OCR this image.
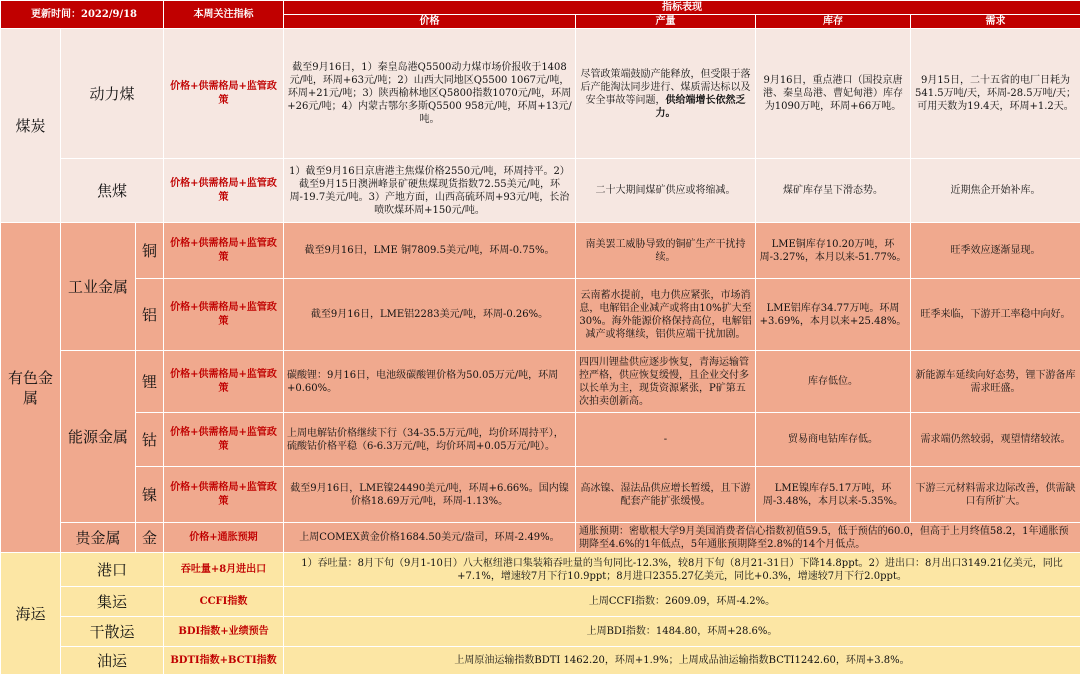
更新时间：2022/9/18			本周关注指标	指标表现			
				价格	产量	库存	需求
煤炭	动力煤		价格+供需格局+监管政策	截至9月16日，1）秦皇岛港Q5500动力煤市场价报收于1408元/吨，环周+63元/吨；2）山西大同地区Q5500 1067元/吨，环周+21元/吨；3）陕西榆林地区Q5800指数1070元/吨，环周+26元/吨；4）内蒙古鄂尔多斯Q5500 958元/吨，环周+13元/吨。	尽管政策端鼓励产能释放，但受限于落后产能淘汰同步进行、煤质需达标以及安全事故等问题，供给端增长依然乏力。	9月16日，重点港口（国投京唐港、秦皇岛港、曹妃甸港）库存为1090万吨，环周+66万吨。	9月15日，二十五省的电厂日耗为541.5万吨/天，环周-28.5万吨/天；可用天数为19.4天，环周+1.2天。
	焦煤		价格+供需格局+监管政策	1）截至9月16日京唐港主焦煤价格2550元/吨，环周持平。2）截至9月15日澳洲峰景矿硬焦煤现货指数72.55美元/吨，环周-19.7美元/吨。3）产地方面，山西高硫环周+93元/吨，长治喷吹煤环周+150元/吨。	二十大期间煤矿供应或将缩减。	煤矿库存呈下滑态势。	近期焦企开始补库。
有色金属	工业金属	铜	价格+供需格局+监管政策	截至9月16日，LME 铜7809.5美元/吨，环周-0.75%。	南美罢工威胁导致的铜矿生产干扰持续。	LME铜库存10.20万吨，环周-3.27%，本月以来-51.77%。	旺季效应逐渐显现。
		铝	价格+供需格局+监管政策	截至9月16日，LME铝2283美元/吨，环周-0.26%。	云南蓄水提前，电力供应紧张，市场消息，电解铝企业减产或将由10%扩大至30%。海外能源价格保持高位，电解铝减产或将继续，铝供应端干扰加剧。	LME铝库存34.77万吨。环周+3.69%，本月以来+25.48%。	旺季来临，下游开工率稳中向好。
	能源金属	锂	价格+供需格局+监管政策	碳酸锂：9月16日，电池级碳酸锂价格为50.05万元/吨，环周+0.60%。	四四川锂盐供应逐步恢复，青海运输管控严格，供应恢复缓慢，且企业交付多以长单为主，现货资源紧张，P矿第五次拍卖创新高。	库存低位。	新能源车延续向好态势，锂下游备库需求旺盛。
		钴	价格+供需格局+监管政策	上周电解钴价格继续下行（34-35.5万元/吨，均价环周持平），硫酸钴价格平稳（6-6.3万元/吨，均价环周+0.05万元/吨）。	-	贸易商电钴库存低。	需求端仍然较弱，观望情绪较浓。
		镍	价格+供需格局+监管政策	截至9月16日，LME镍24490美元/吨，环周+6.66%。国内镍价格18.69万元/吨，环周-1.13%。	高冰镍、湿法品供应增长暂缓，且下游配套产能扩张缓慢。	LME镍库存5.17万吨，环周-3.48%，本月以来-5.35%。	下游三元材料需求边际改善，供需缺口有所扩大。
	贵金属	金	价格+通胀预期	上周COMEX黄金价格1684.50美元/盎司，环周-2.49%。	通胀预期：密歇根大学9月美国消费者信心指数初值59.5，低于预估的60.0，但高于上月终值58.2，1年通胀预期降至4.6%的1年低点，5年通胀预期降至2.8%的14个月低点。		
海运	港口		吞吐量+8月进出口	1）吞吐量：8月下旬（9月1-10日）八大枢纽港口集装箱吞吐量的当旬同比-12.3%，较8月下旬（8月21-31日）下降14.8ppt。2）进出口：8月出口3149.21亿美元，同比+7.1%，增速较7月下行10.9ppt；8月进口2355.27亿美元，同比+0.3%，增速较7月下行2.0ppt。			
	集运		CCFI指数	上周CCFI指数：2609.09，环周-4.2%。			
	干散运		BDI指数+业绩预告	上周BDI指数：1484.80，环周+28.6%。			
	油运		BDTI指数+BCTI指数	上周原油运输指数BDTI 1462.20，环周+1.9%；上周成品油运输指数BCTI1242.60，环周+3.8%。			
